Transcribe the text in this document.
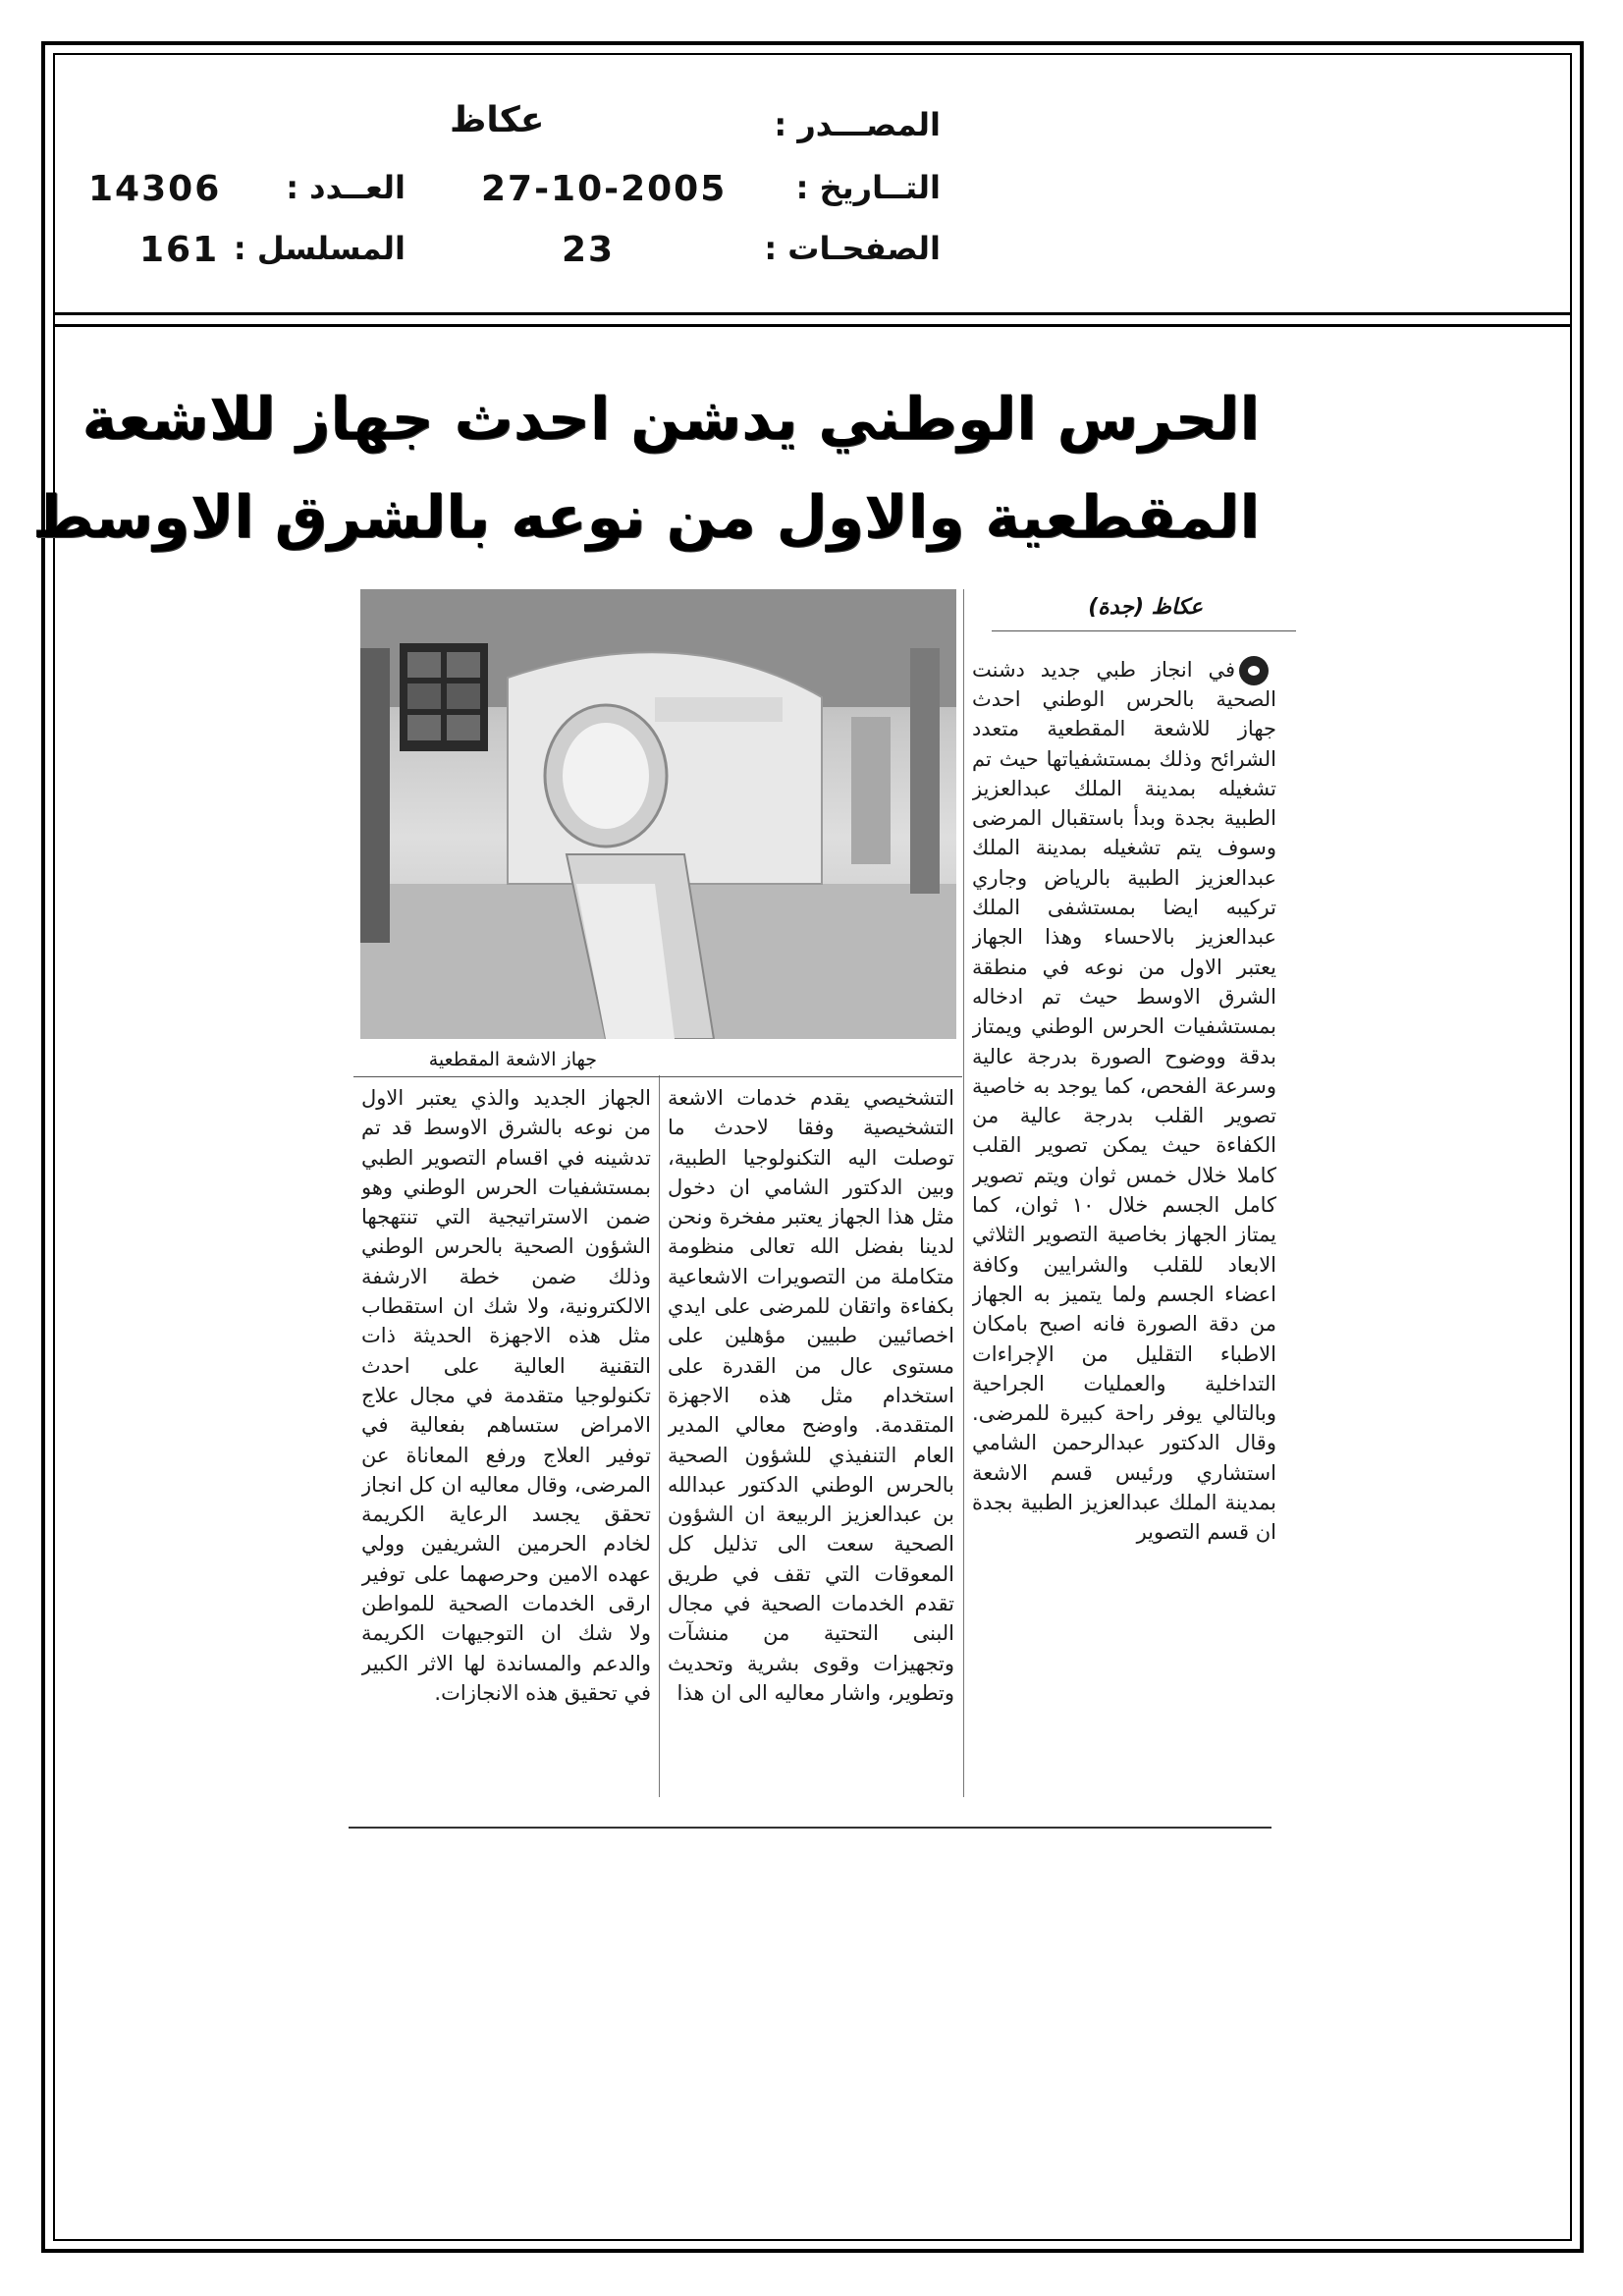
المصـــدر :
عكاظ
التــاريخ :
27-10-2005
العــدد :
14306
الصفحـات :
23
المسلسل :
161
الحرس الوطني يدشن احدث جهاز للاشعة
المقطعية والاول من نوعه بالشرق الاوسط
عكاظ (جدة)
جهاز الاشعة المقطعية

في انجاز طبي جديد دشنت

الصحية بالحرس الوطني احدث جهاز للاشعة المقطعية متعدد الشرائح وذلك بمستشفياتها حيث تم تشغيله بمدينة الملك عبدالعزيز الطبية بجدة وبدأ باستقبال المرضى وسوف يتم تشغيله بمدينة الملك عبدالعزيز الطبية بالرياض وجاري تركيبه ايضا بمستشفى الملك عبدالعزيز بالاحساء وهذا الجهاز يعتبر الاول من نوعه في منطقة الشرق الاوسط حيث تم ادخاله بمستشفيات الحرس الوطني ويمتاز بدقة ووضوح الصورة بدرجة عالية وسرعة الفحص، كما يوجد به خاصية تصوير القلب بدرجة عالية من الكفاءة حيث يمكن تصوير القلب كاملا خلال خمس ثوان ويتم تصوير كامل الجسم خلال ١٠ ثوان، كما يمتاز الجهاز بخاصية التصوير الثلاثي الابعاد للقلب والشرايين وكافة اعضاء الجسم ولما يتميز به الجهاز من دقة الصورة فانه اصبح بامكان الاطباء التقليل من الإجراءات التداخلية والعمليات الجراحية وبالتالي يوفر راحة كبيرة للمرضى. وقال الدكتور عبدالرحمن الشامي استشاري ورئيس قسم الاشعة بمدينة الملك عبدالعزيز الطبية بجدة ان قسم التصوير

التشخيصي يقدم خدمات الاشعة التشخيصية وفقا لاحدث ما توصلت اليه التكنولوجيا الطبية، وبين الدكتور الشامي ان دخول مثل هذا الجهاز يعتبر مفخرة ونحن لدينا بفضل الله تعالى منظومة متكاملة من التصويرات الاشعاعية بكفاءة واتقان للمرضى على ايدي اخصائيين طبيين مؤهلين على مستوى عال من القدرة على استخدام مثل هذه الاجهزة المتقدمة. واوضح معالي المدير العام التنفيذي للشؤون الصحية بالحرس الوطني الدكتور عبدالله بن عبدالعزيز الربيعة ان الشؤون الصحية سعت الى تذليل كل المعوقات التي تقف في طريق تقدم الخدمات الصحية في مجال البنى التحتية من منشآت وتجهيزات وقوى بشرية وتحديث وتطوير، واشار معاليه الى ان هذا

الجهاز الجديد والذي يعتبر الاول من نوعه بالشرق الاوسط قد تم تدشينه في اقسام التصوير الطبي بمستشفيات الحرس الوطني وهو ضمن الاستراتيجية التي تنتهجها الشؤون الصحية بالحرس الوطني وذلك ضمن خطة الارشفة الالكترونية، ولا شك ان استقطاب مثل هذه الاجهزة الحديثة ذات التقنية العالية على احدث تكنولوجيا متقدمة في مجال علاج الامراض ستساهم بفعالية في توفير العلاج ورفع المعاناة عن المرضى، وقال معاليه ان كل انجاز تحقق يجسد الرعاية الكريمة لخادم الحرمين الشريفين وولي عهده الامين وحرصهما على توفير ارقى الخدمات الصحية للمواطن ولا شك ان التوجيهات الكريمة والدعم والمساندة لها الاثر الكبير في تحقيق هذه الانجازات.
